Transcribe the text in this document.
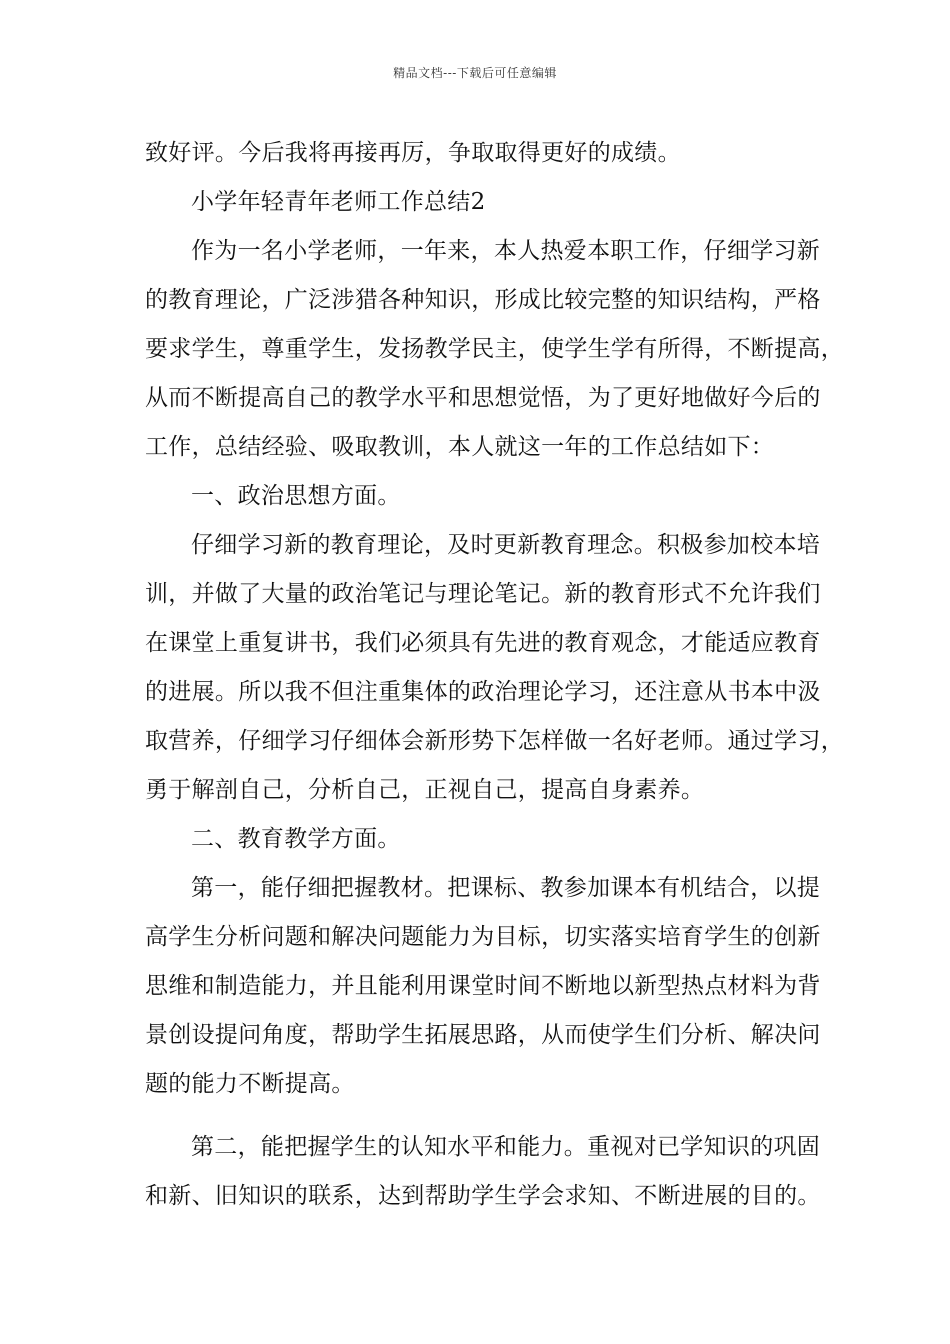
精品文档---下载后可任意编辑
致好评。今后我将再接再厉，争取取得更好的成绩。
小学年轻青年老师工作总结2
作为一名小学老师，一年来，本人热爱本职工作，仔细学习新
的教育理论，广泛涉猎各种知识，形成比较完整的知识结构，严格
要求学生，尊重学生，发扬教学民主，使学生学有所得，不断提高，
从而不断提高自己的教学水平和思想觉悟，为了更好地做好今后的
工作，总结经验、吸取教训，本人就这一年的工作总结如下：
一、政治思想方面。
仔细学习新的教育理论，及时更新教育理念。积极参加校本培
训，并做了大量的政治笔记与理论笔记。新的教育形式不允许我们
在课堂上重复讲书，我们必须具有先进的教育观念，才能适应教育
的进展。所以我不但注重集体的政治理论学习，还注意从书本中汲
取营养，仔细学习仔细体会新形势下怎样做一名好老师。通过学习，
勇于解剖自己，分析自己，正视自己，提高自身素养。
二、教育教学方面。
第一，能仔细把握教材。把课标、教参加课本有机结合，以提
高学生分析问题和解决问题能力为目标，切实落实培育学生的创新
思维和制造能力，并且能利用课堂时间不断地以新型热点材料为背
景创设提问角度，帮助学生拓展思路，从而使学生们分析、解决问
题的能力不断提高。
第二，能把握学生的认知水平和能力。重视对已学知识的巩固
和新、旧知识的联系，达到帮助学生学会求知、不断进展的目的。
